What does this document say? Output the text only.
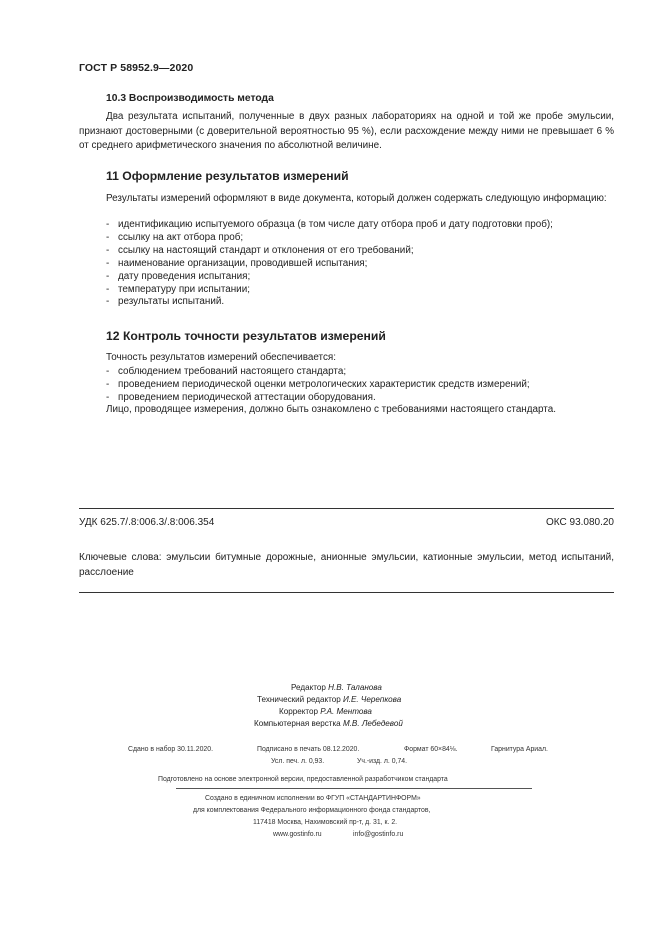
ГОСТ Р 58952.9—2020
10.3 Воспроизводимость метода
Два результата испытаний, полученные в двух разных лабораториях на одной и той же пробе эмульсии, признают достоверными (с доверительной вероятностью 95 %), если расхождение между ними не превышает 6 % от среднего арифметического значения по абсолютной величине.
11 Оформление результатов измерений
Результаты измерений оформляют в виде документа, который должен содержать следующую информацию:
- идентификацию испытуемого образца (в том числе дату отбора проб и дату подготовки проб);
- ссылку на акт отбора проб;
- ссылку на настоящий стандарт и отклонения от его требований;
- наименование организации, проводившей испытания;
- дату проведения испытания;
- температуру при испытании;
- результаты испытаний.
12 Контроль точности результатов измерений
Точность результатов измерений обеспечивается:
- соблюдением требований настоящего стандарта;
- проведением периодической оценки метрологических характеристик средств измерений;
- проведением периодической аттестации оборудования.
Лицо, проводящее измерения, должно быть ознакомлено с требованиями настоящего стандарта.
УДК 625.7/.8:006.3/.8:006.354	ОКС 93.080.20
Ключевые слова: эмульсии битумные дорожные, анионные эмульсии, катионные эмульсии, метод испытаний, расслоение
Редактор Н.В. Таланова
Технический редактор И.Е. Черепкова
Корректор Р.А. Ментова
Компьютерная верстка М.В. Лебедевой
Сдано в набор 30.11.2020.	Подписано в печать 08.12.2020.	Формат 60×84⅛.	Гарнитура Ариал.
Усл. печ. л. 0,93.	Уч.-изд. л. 0,74.
Подготовлено на основе электронной версии, предоставленной разработчиком стандарта
Создано в единичном исполнении во ФГУП «СТАНДАРТИНФОРМ»
для комплектования Федерального информационного фонда стандартов,
117418 Москва, Нахимовский пр-т, д. 31, к. 2.
www.gostinfo.ru	info@gostinfo.ru
